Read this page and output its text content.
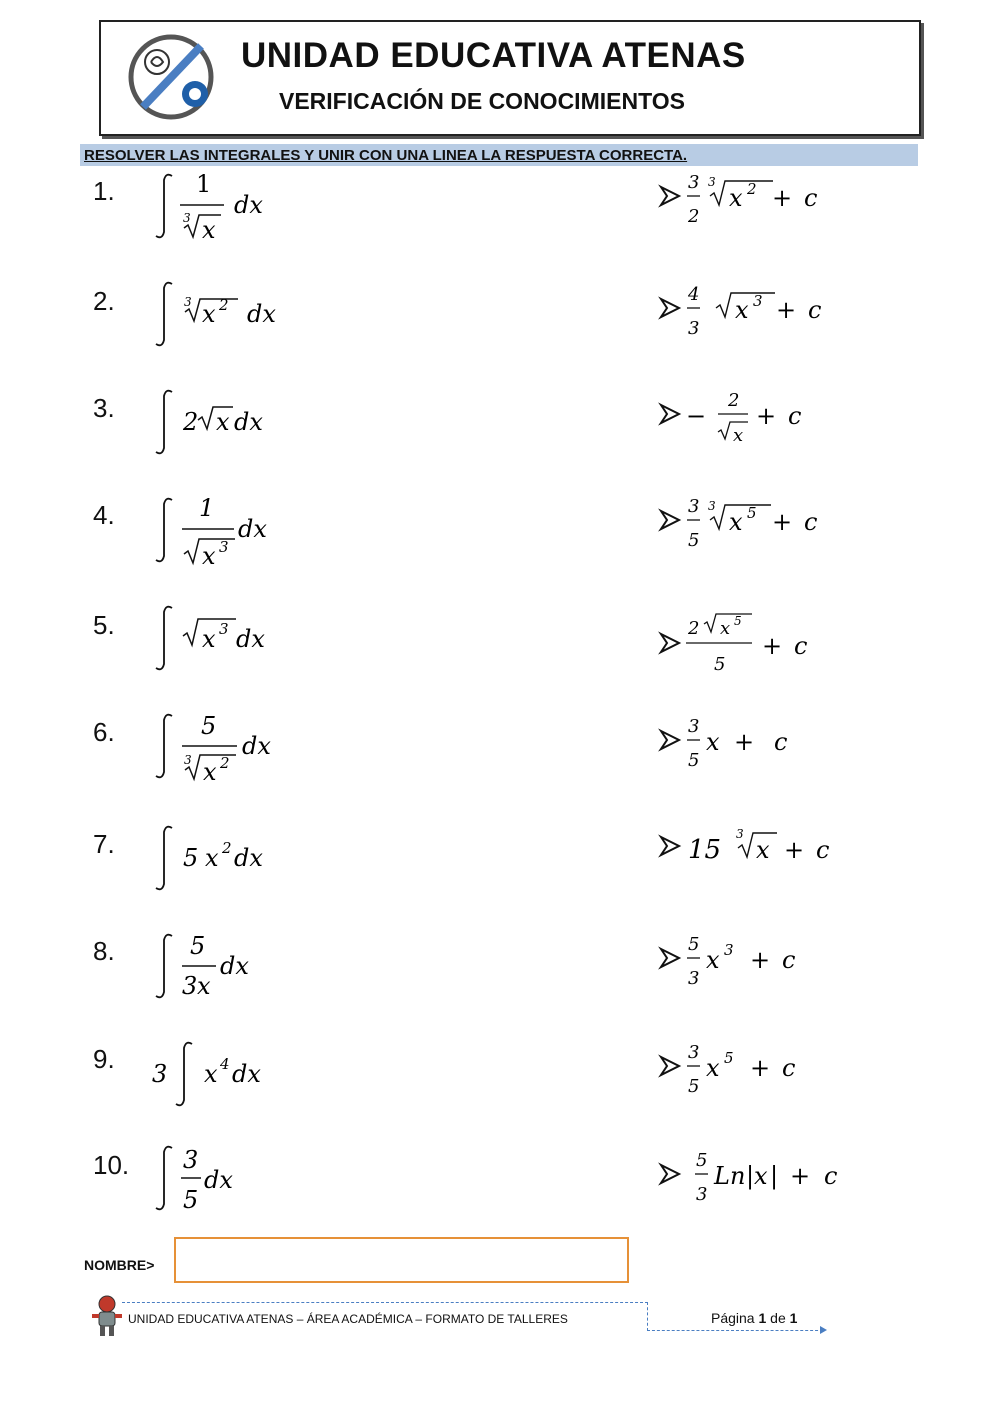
UNIDAD EDUCATIVA ATENAS
VERIFICACIÓN DE CONOCIMIENTOS
RESOLVER LAS INTEGRALES Y UNIR CON UNA LINEA LA RESPUESTA CORRECTA.
1.
2.
3.
4.
5.
6.
7.
8.
9.
10.
1
3 x
dx
3 x 2 dx
2 x dx
1
x 3
dx
x 3 dx
5
3 x 2
dx
5 x 2 dx
5
3 x
dx
3 x 4 dx
3
5
dx
3
2
3
x 2 + c
4
3
x 3 + c
−
2
x
+ c
3
5
3
x 5 + c
2 x 5
5
+ c
3
5
x + c
15
3
x + c
5
3
x 3 + c
3
5
x 5 + c
5
3
Ln | x | + c
NOMBRE>
UNIDAD EDUCATIVA ATENAS – ÁREA ACADÉMICA – FORMATO DE TALLERES	Página 1 de 1
